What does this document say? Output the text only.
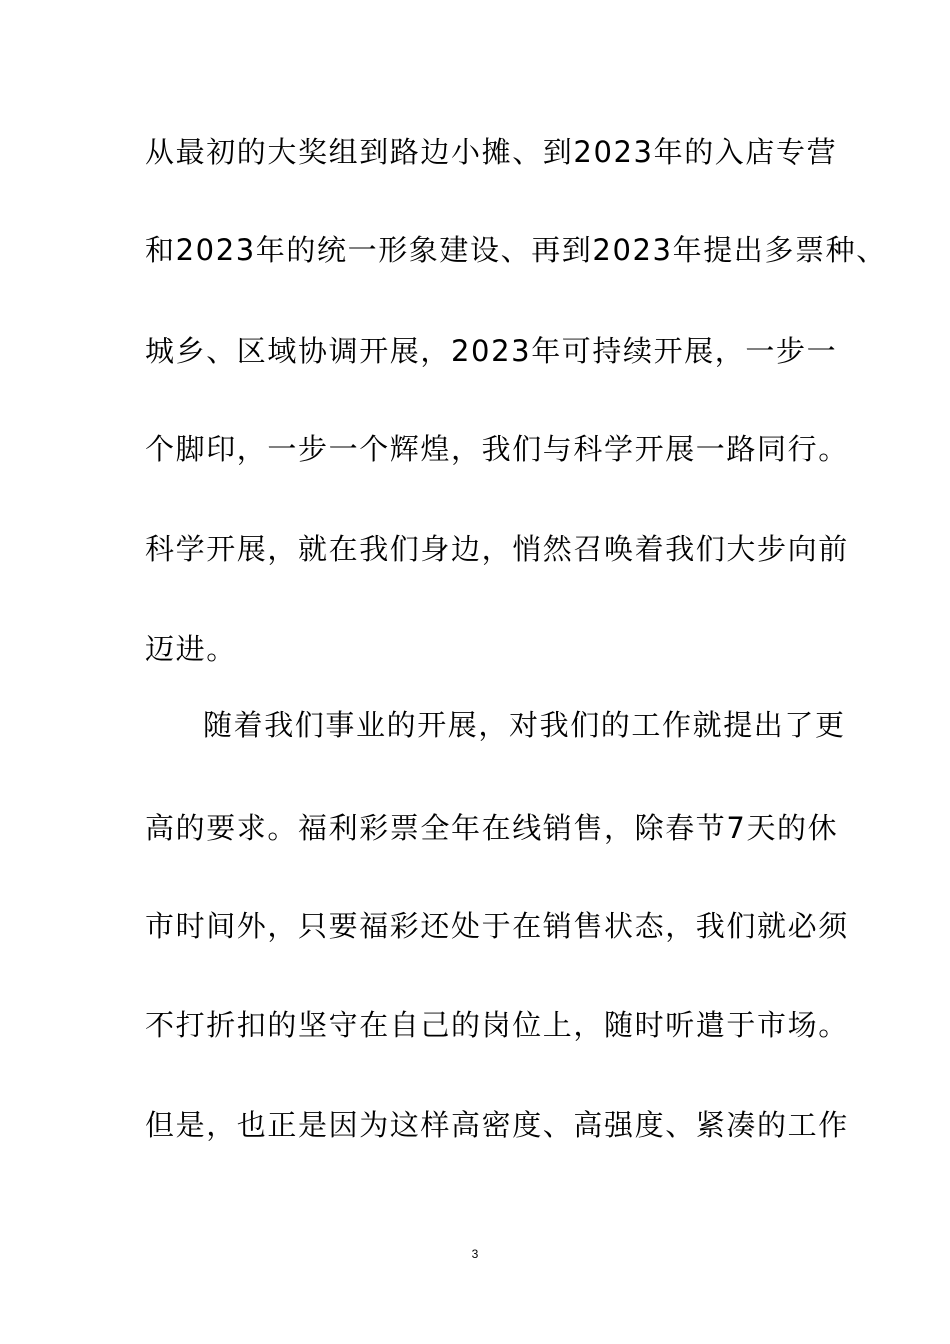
从最初的大奖组到路边小摊、到2023年的入店专营
和2023年的统一形象建设、再到2023年提出多票种、
城乡、区域协调开展，2023年可持续开展，一步一
个脚印，一步一个辉煌，我们与科学开展一路同行。
科学开展，就在我们身边，悄然召唤着我们大步向前
迈进。
随着我们事业的开展，对我们的工作就提出了更
高的要求。福利彩票全年在线销售，除春节7天的休
市时间外，只要福彩还处于在销售状态，我们就必须
不打折扣的坚守在自己的岗位上，随时听遣于市场。
但是，也正是因为这样高密度、高强度、紧凑的工作
3
